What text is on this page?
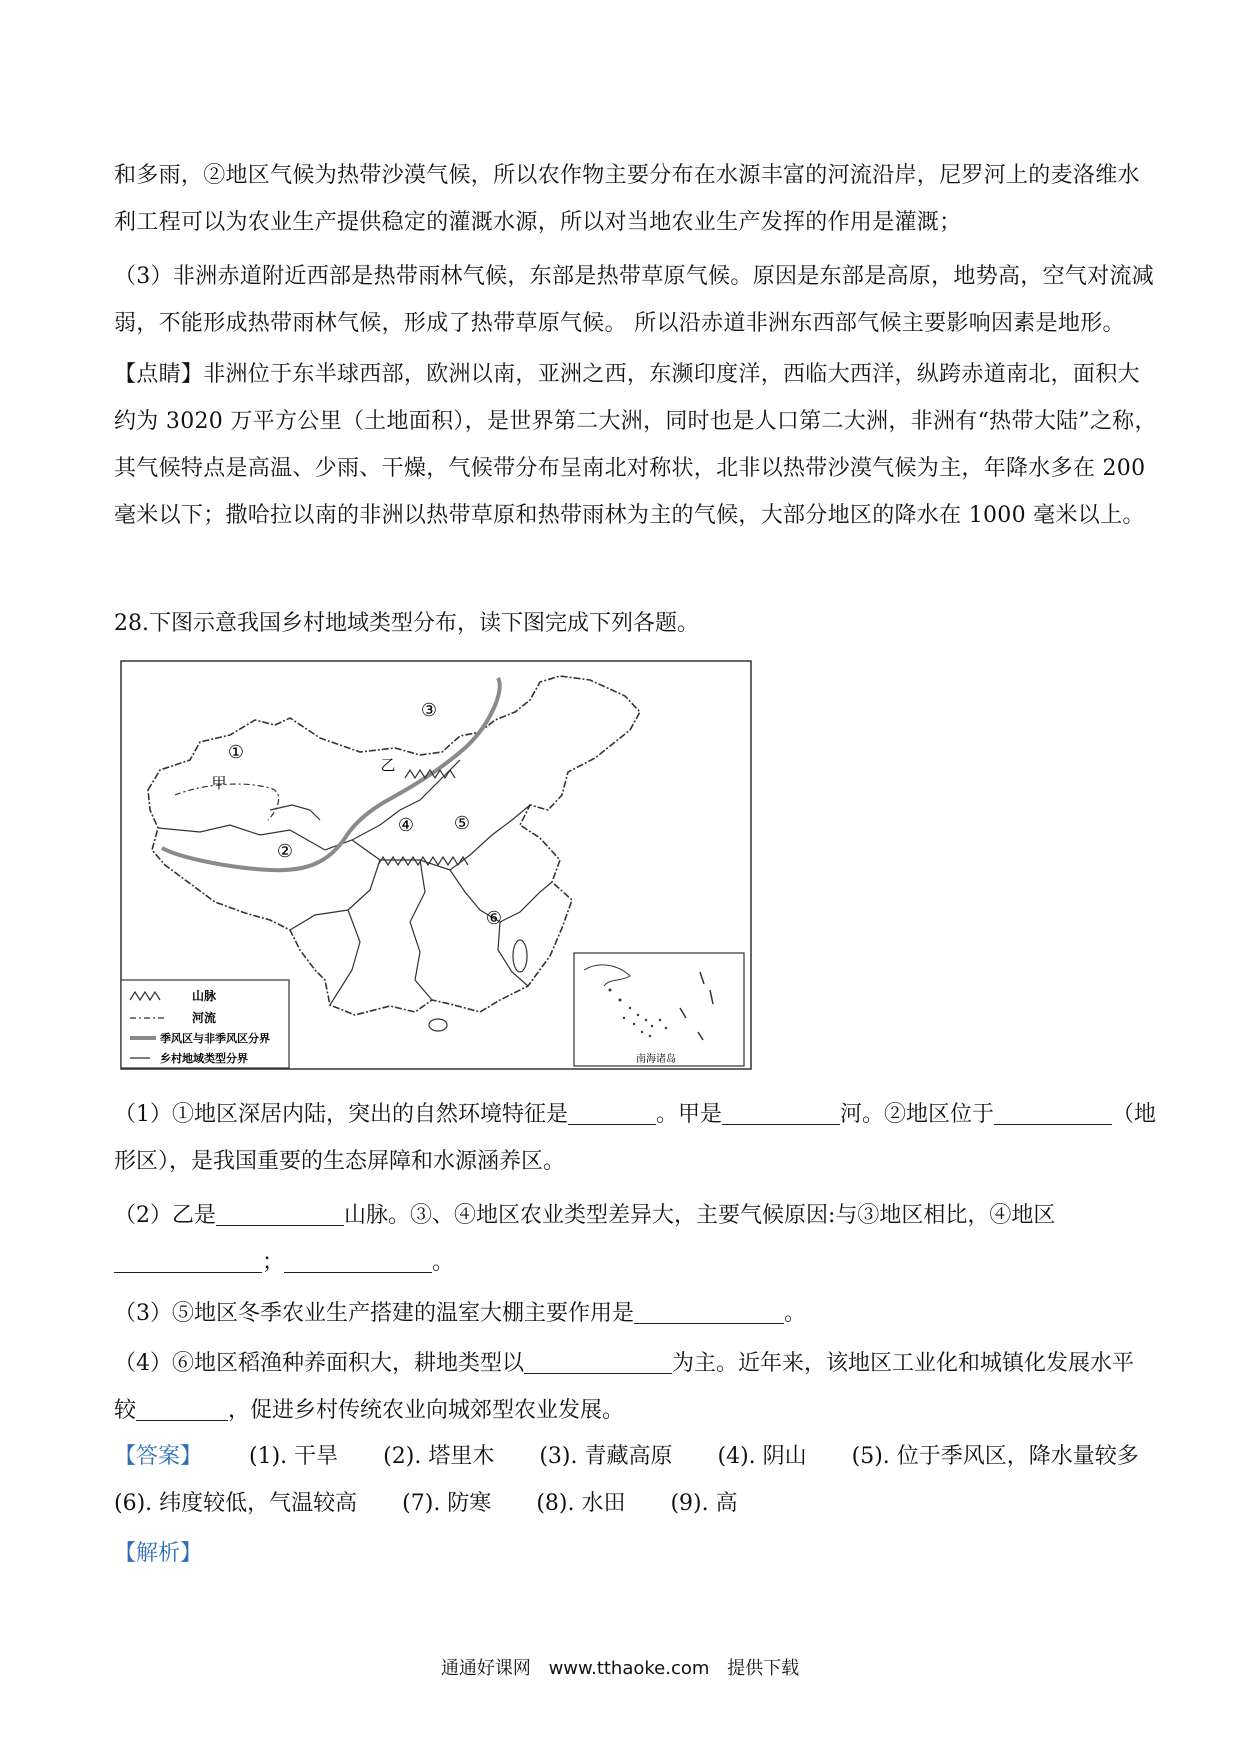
和多雨，②地区气候为热带沙漠气候，所以农作物主要分布在水源丰富的河流沿岸，尼罗河上的麦洛维水
利工程可以为农业生产提供稳定的灌溉水源，所以对当地农业生产发挥的作用是灌溉；
（3）非洲赤道附近西部是热带雨林气候，东部是热带草原气候。原因是东部是高原，地势高，空气对流减
弱，不能形成热带雨林气候，形成了热带草原气候。 所以沿赤道非洲东西部气候主要影响因素是地形。
【点睛】非洲位于东半球西部，欧洲以南，亚洲之西，东濒印度洋，西临大西洋，纵跨赤道南北，面积大
约为 3020 万平方公里（土地面积），是世界第二大洲，同时也是人口第二大洲，非洲有“热带大陆”之称，
其气候特点是高温、少雨、干燥，气候带分布呈南北对称状，北非以热带沙漠气候为主，年降水多在 200
毫米以下；撒哈拉以南的非洲以热带草原和热带雨林为主的气候，大部分地区的降水在 1000 毫米以上。

28.下图示意我国乡村地域类型分布，读下图完成下列各题。

①
甲
②
③
乙
④ ⑤
⑥
南海诸岛
山脉
河流
季风区与非季风区分界
乡村地域类型分界
（1）①地区深居内陆，突出的自然环境特征是	。甲是	河。②地区位于	（地
形区），是我国重要的生态屏障和水源涵养区。
（2）乙是	山脉。③、④地区农业类型差异大，主要气候原因:与③地区相比，④地区
；	。
（3）⑤地区冬季农业生产搭建的温室大棚主要作用是	。
（4）⑥地区稻渔种养面积大，耕地类型以	为主。近年来，该地区工业化和城镇化发展水平
较	，促进乡村传统农业向城郊型农业发展。
【答案】 (1). 干旱 (2). 塔里木 (3). 青藏高原 (4). 阴山 (5). 位于季风区，降水量较多
(6). 纬度较低，气温较高 (7). 防寒 (8). 水田 (9). 高
【解析】
通通好课网 www.tthaoke.com 提供下载
